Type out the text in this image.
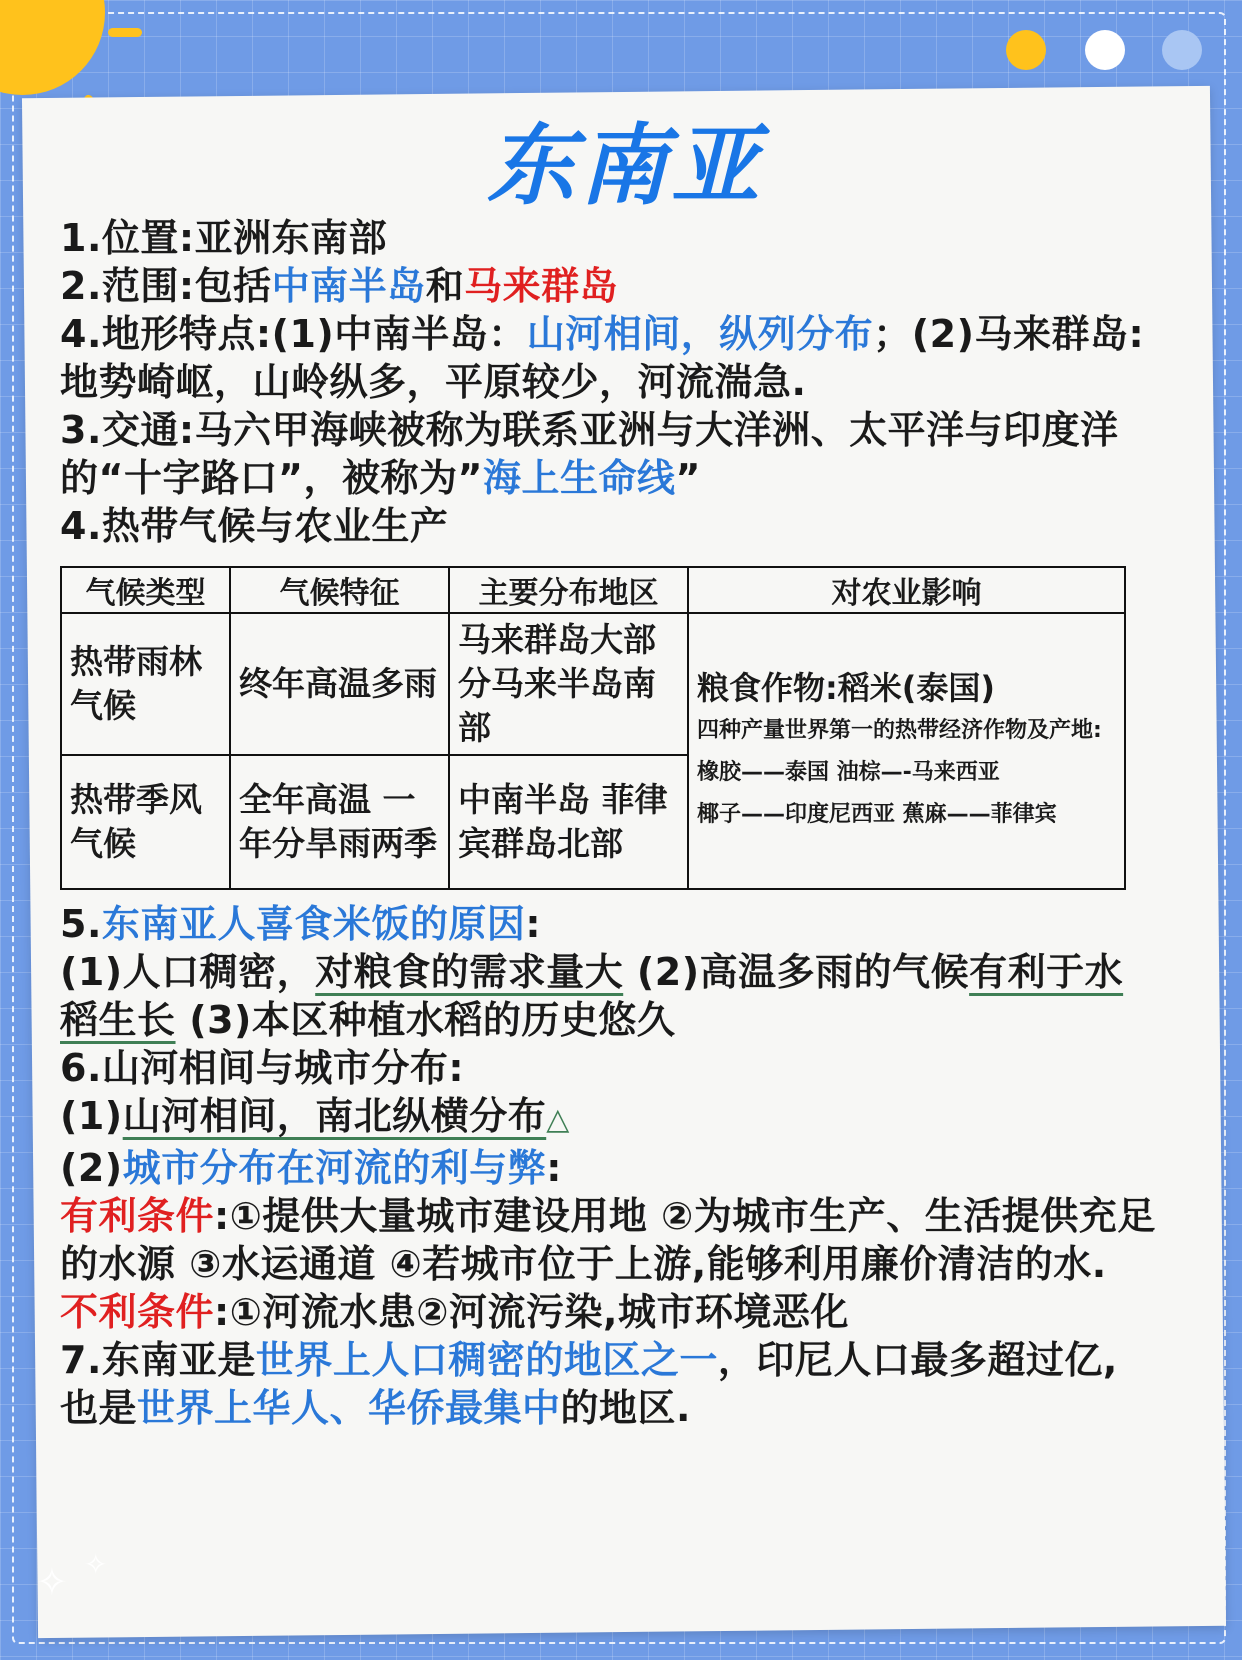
✧ ✧
东南亚
1.位置:亚洲东南部
2.范围:包括中南半岛和马来群岛
4.地形特点:(1)中南半岛：山河相间，纵列分布；(2)马来群岛:
地势崎岖，山岭纵多，平原较少，河流湍急.
3.交通:马六甲海峡被称为联系亚洲与大洋洲、太平洋与印度洋
的“十字路口”，被称为”海上生命线”
4.热带气候与农业生产
气候类型	气候特征	主要分布地区	对农业影响
热带雨林气候	终年高温多雨	马来群岛大部分马来半岛南部	粮食作物:稻米(泰国)
四种产量世界第一的热带经济作物及产地:
橡胶——泰国 油棕—-马来西亚
椰子——印度尼西亚 蕉麻——菲律宾

热带季风气候	全年高温 一年分旱雨两季	中南半岛 菲律宾群岛北部	
5.东南亚人喜食米饭的原因:
(1)人口稠密，对粮食的需求量大 (2)高温多雨的气候有利于水
稻生长 (3)本区种植水稻的历史悠久
6.山河相间与城市分布:
(1)山河相间，南北纵横分布△
(2)城市分布在河流的利与弊:
有利条件:①提供大量城市建设用地 ②为城市生产、生活提供充足的水源 ③水运通道 ④若城市位于上游,能够利用廉价清洁的水.
不利条件:①河流水患②河流污染,城市环境恶化
7.东南亚是世界上人口稠密的地区之一，印尼人口最多超过亿,
也是世界上华人、华侨最集中的地区.
